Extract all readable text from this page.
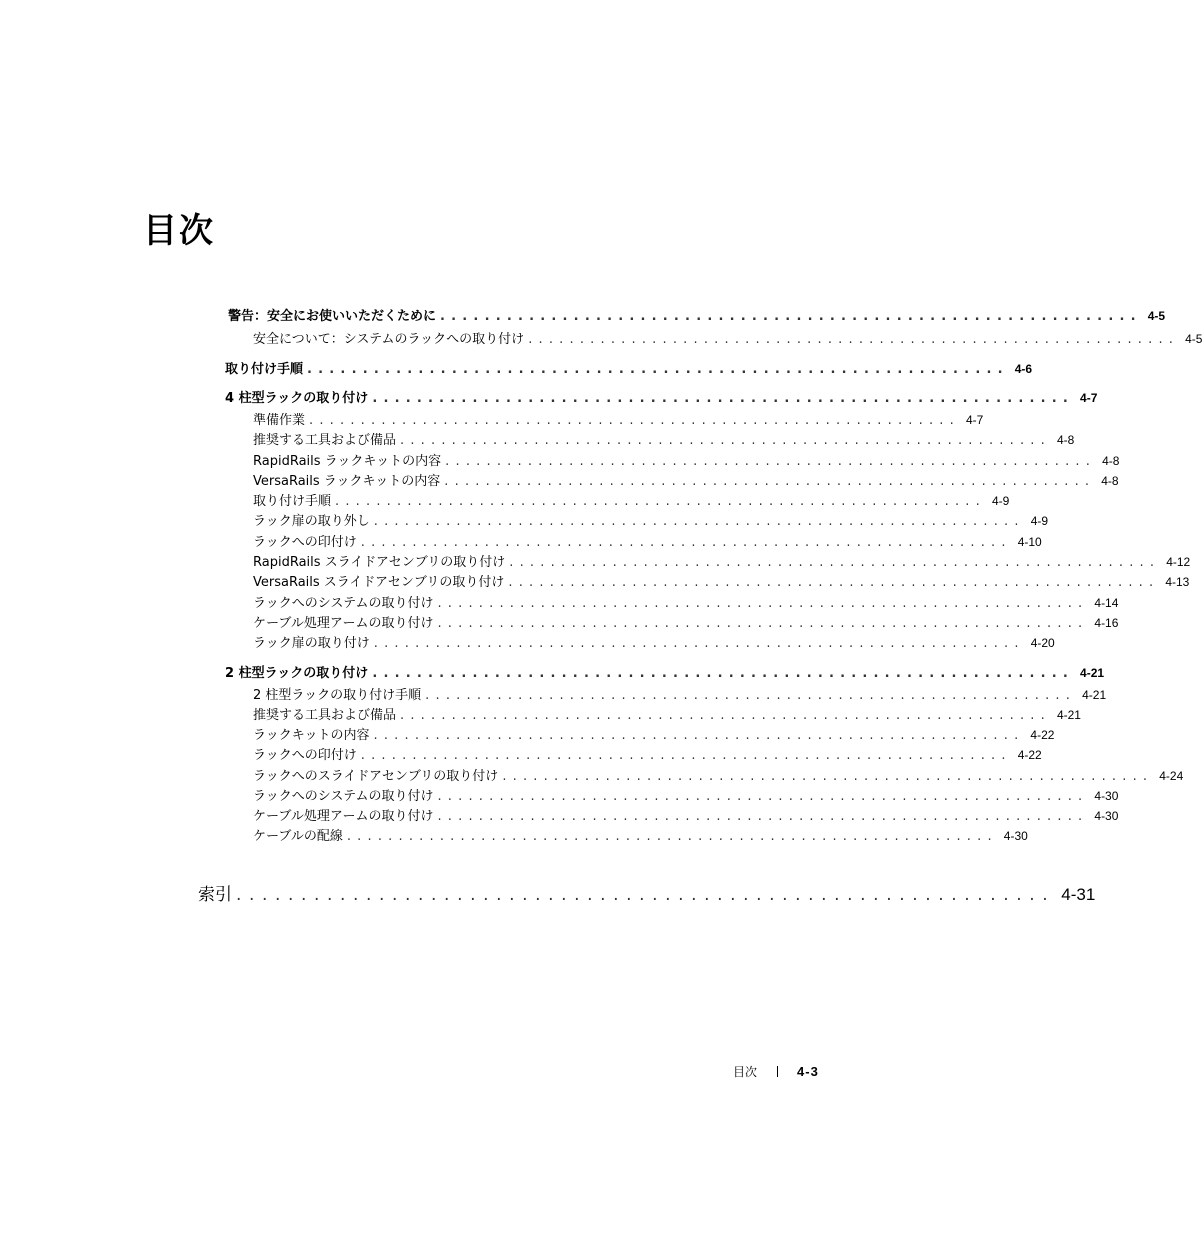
目次
警告：安全にお使いいただくために ............................................................... 4-5
安全について：システムのラックへの取り付け ............................................................... 4-5
取り付け手順 ............................................................... 4-6
4 柱型ラックの取り付け ............................................................... 4-7
準備作業 ............................................................... 4-7
推奨する工具および備品 ............................................................... 4-8
RapidRails ラックキットの内容 ............................................................... 4-8
VersaRails ラックキットの内容 ............................................................... 4-8
取り付け手順 ............................................................... 4-9
ラック扉の取り外し ............................................................... 4-9
ラックへの印付け ............................................................... 4-10
RapidRails スライドアセンブリの取り付け ............................................................... 4-12
VersaRails スライドアセンブリの取り付け ............................................................... 4-13
ラックへのシステムの取り付け ............................................................... 4-14
ケーブル処理アームの取り付け ............................................................... 4-16
ラック扉の取り付け ............................................................... 4-20
2 柱型ラックの取り付け ............................................................... 4-21
2 柱型ラックの取り付け手順 ............................................................... 4-21
推奨する工具および備品 ............................................................... 4-21
ラックキットの内容 ............................................................... 4-22
ラックへの印付け ............................................................... 4-22
ラックへのスライドアセンブリの取り付け ............................................................... 4-24
ラックへのシステムの取り付け ............................................................... 4-30
ケーブル処理アームの取り付け ............................................................... 4-30
ケーブルの配線 ............................................................... 4-30
索引 ............................................................... 4-31
目次	4-3
